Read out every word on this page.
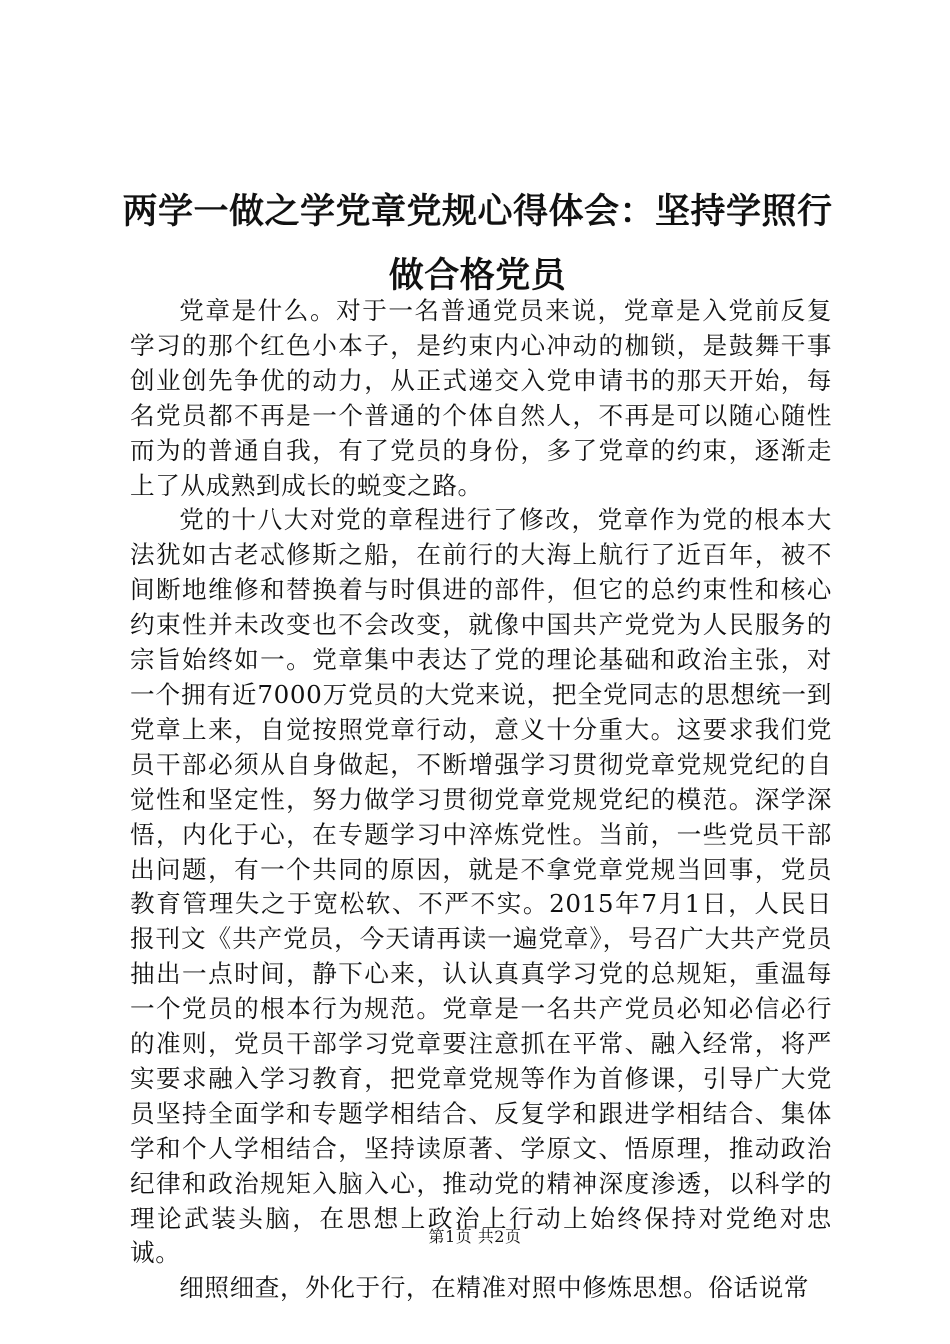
两学一做之学党章党规心得体会：坚持学照行做合格党员

党章是什么。对于一名普通党员来说，党章是入党前反复学习的那个红色小本子，是约束内心冲动的枷锁，是鼓舞干事创业创先争优的动力，从正式递交入党申请书的那天开始，每名党员都不再是一个普通的个体自然人，不再是可以随心随性而为的普通自我，有了党员的身份，多了党章的约束，逐渐走上了从成熟到成长的蜕变之路。

党的十八大对党的章程进行了修改，党章作为党的根本大法犹如古老忒修斯之船，在前行的大海上航行了近百年，被不间断地维修和替换着与时俱进的部件，但它的总约束性和核心约束性并未改变也不会改变，就像中国共产党党为人民服务的宗旨始终如一。党章集中表达了党的理论基础和政治主张，对一个拥有近7000万党员的大党来说，把全党同志的思想统一到党章上来，自觉按照党章行动，意义十分重大。这要求我们党员干部必须从自身做起，不断增强学习贯彻党章党规党纪的自觉性和坚定性，努力做学习贯彻党章党规党纪的模范。深学深悟，内化于心，在专题学习中淬炼党性。当前，一些党员干部出问题，有一个共同的原因，就是不拿党章党规当回事，党员教育管理失之于宽松软、不严不实。2015年7月1日，人民日报刊文《共产党员，今天请再读一遍党章》，号召广大共产党员抽出一点时间，静下心来，认认真真学习党的总规矩，重温每一个党员的根本行为规范。党章是一名共产党员必知必信必行的准则，党员干部学习党章要注意抓在平常、融入经常，将严实要求融入学习教育，把党章党规等作为首修课，引导广大党员坚持全面学和专题学相结合、反复学和跟进学相结合、集体学和个人学相结合，坚持读原著、学原文、悟原理，推动政治纪律和政治规矩入脑入心，推动党的精神深度渗透，以科学的理论武装头脑，在思想上政治上行动上始终保持对党绝对忠诚。

细照细查，外化于行，在精准对照中修炼思想。俗话说常

第1页 共2页
